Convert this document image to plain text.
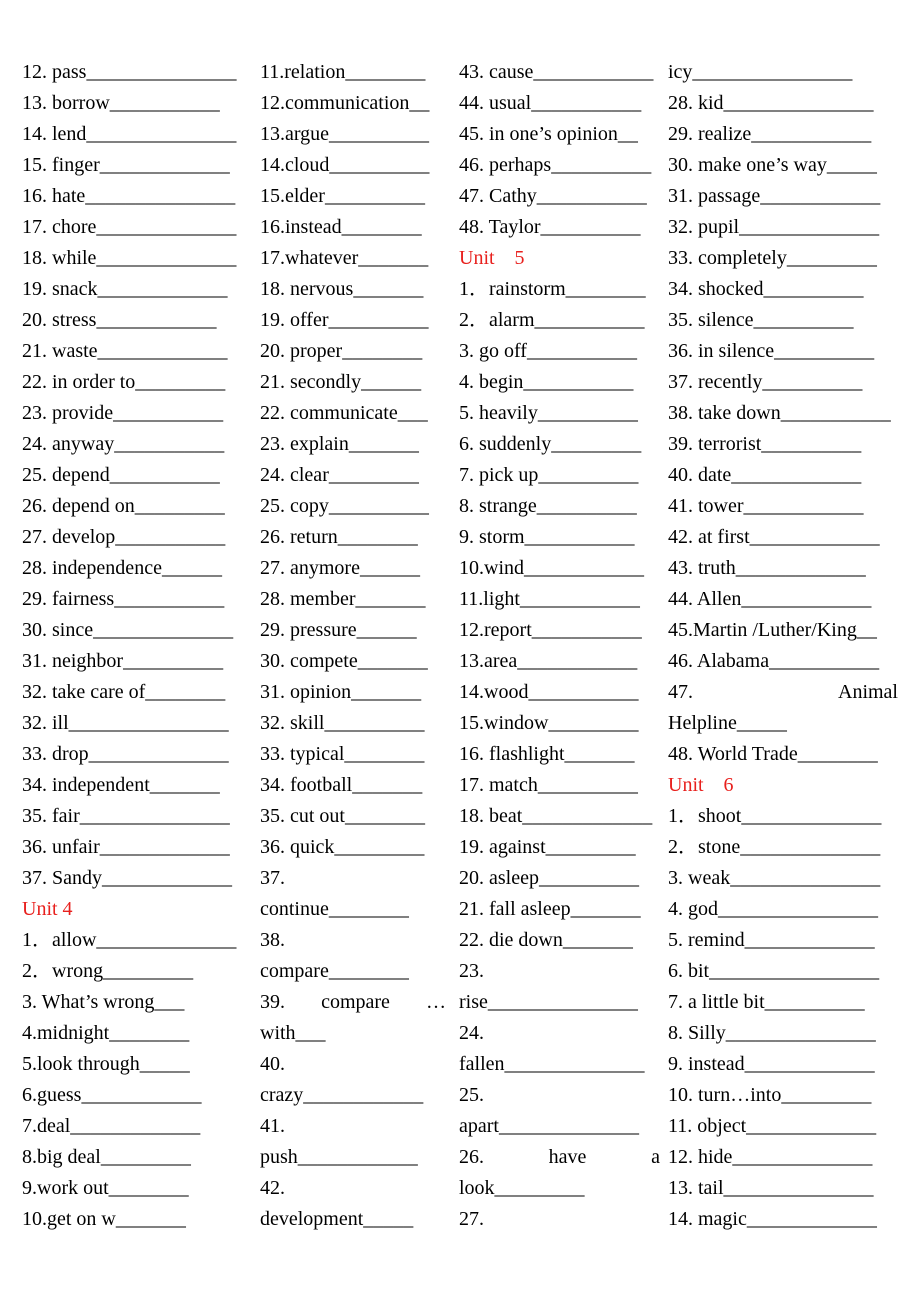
12. pass_______________
13. borrow___________
14. lend_______________
15. finger_____________
16. hate_______________
17. chore______________
18. while______________
19. snack_____________
20. stress____________
21. waste_____________
22. in order to_________
23. provide___________
24. anyway___________
25. depend___________
26. depend on_________
27. develop___________
28. independence______
29. fairness___________
30. since______________
31. neighbor__________
32. take care of________
32. ill________________
33. drop______________
34. independent_______
35. fair_______________
36. unfair_____________
37. Sandy_____________
Unit 4
1．allow______________
2．wrong_________
3. What’s wrong___
4.midnight________
5.look through_____
6.guess____________
7.deal_____________
8.big deal_________
9.work out________
10.get on w_______
11.relation________
12.communication__
13.argue__________
14.cloud__________
15.elder__________
16.instead________
17.whatever_______
18. nervous_______
19. offer__________
20. proper________
21. secondly______
22. communicate___
23. explain_______
24. clear_________
25. copy__________
26. return________
27. anymore______
28. member_______
29. pressure______
30. compete_______
31. opinion_______
32. skill__________
33. typical________
34. football_______
35. cut out________
36. quick_________
37.
continue________
38.
compare________
39. compare …
with___
40.
crazy____________
41.
push____________
42.
development_____
43. cause____________
44. usual___________
45. in one’s opinion__
46. perhaps__________
47. Cathy___________
48. Taylor__________
Unit　5
1．rainstorm________
2．alarm___________
3. go off___________
4. begin___________
5. heavily__________
6. suddenly_________
7. pick up__________
8. strange__________
9. storm___________
10.wind____________
11.light____________
12.report___________
13.area____________
14.wood___________
15.window_________
16. flashlight_______
17. match__________
18. beat_____________
19. against_________
20. asleep__________
21. fall asleep_______
22. die down_______
23.
rise_______________
24.
fallen______________
25.
apart______________
26.	have	a
look_________
27.
icy________________
28. kid_______________
29. realize____________
30. make one’s way_____
31. passage____________
32. pupil______________
33. completely_________
34. shocked__________
35. silence__________
36. in silence__________
37. recently__________
38. take down___________
39. terrorist__________
40. date_____________
41. tower____________
42. at first_____________
43. truth_____________
44. Allen_____________
45.Martin /Luther/King__
46. Alabama___________
47.	Animal
Helpline_____
48. World Trade________
Unit　6
1．shoot______________
2．stone______________
3. weak_______________
4. god________________
5. remind_____________
6. bit_________________
7. a little bit__________
8. Silly_______________
9. instead_____________
10. turn…into_________
11. object_____________
12. hide______________
13. tail_______________
14. magic_____________
